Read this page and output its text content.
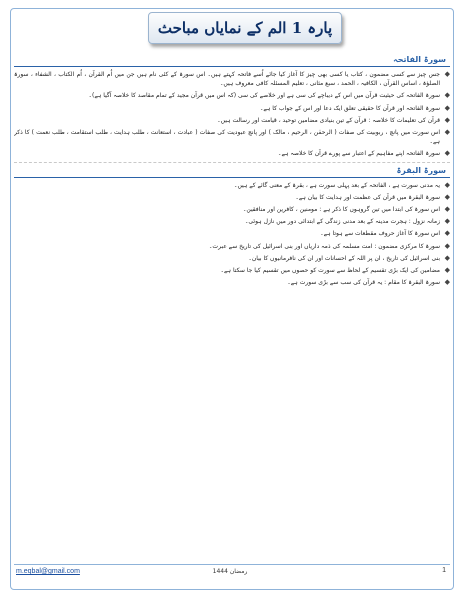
پارہ 1 الم کے نمایاں مباحث
سورۃ الفاتحہ
◆
جس چیز سے کسی مضمون ، کتاب یا کسی بھی چیز کا آغاز کیا جائے اُسے فاتحہ کہتے ہیں۔ اس سورۃ کے کئی نام ہیں جن میں اُم القرآن ، اُم الکتاب ، الشفاء ، سورۃ الصلوٰۃ ، اساس القرآن ، الکافیہ ، الحمد ، سبع مثانی ، تعلیم المسئلہ کافی معروف ہیں۔
◆
سورۃ الفاتحہ کی حیثیت قرآن میں اس کے دیباچے کی سی ہے اور خلاصے کی سی (کہ اس میں قرآن مجید کے تمام مقاصد کا خلاصہ آگیا ہے)۔
◆
سورۃ الفاتحہ اور قرآن کا حقیقی تعلق ایک دعا اور اس کے جواب کا ہے۔
◆
قرآن کی تعلیمات کا خلاصہ : قرآن کے تین بنیادی مضامین توحید ، قیامت اور رسالت ہیں۔
◆
اس سورت میں پانچ ، ربوبیت کی صفات ( الرحمٰن ، الرحیم ، مالک ) اور پانچ عبودیت کی صفات ( عبادت ، استعانت ، طلب ہدایت ، طلب استقامت ، طلب نعمت ) کا ذکر ہے۔
◆
سورۃ الفاتحہ اپنے مفاہیم کے اعتبار سے پورے قرآن کا خلاصہ ہے۔
سورۃ البقرۃ
◆
یہ مدنی سورت ہے ، الفاتحہ کے بعد پہلی سورت ہے ، بقرۃ کے معنی گائے کے ہیں۔
◆
سورۃ البقرۃ میں قرآن کی عظمت اور ہدایت کا بیان ہے۔
◆
اس سورۃ کی ابتدا میں تین گروہوں کا ذکر ہے : مومنین ، کافرین اور منافقین۔
◆
زمانہ نزول : ہجرت مدینہ کے بعد مدنی زندگی کے ابتدائی دور میں نازل ہوئی۔
◆
اس سورۃ کا آغاز حروف مقطعات سے ہوتا ہے۔
◆
سورۃ کا مرکزی مضمون : امت مسلمہ کی ذمہ داریاں اور بنی اسرائیل کی تاریخ سے عبرت۔
◆
بنی اسرائیل کی تاریخ ، ان پر اللہ کے احسانات اور ان کی نافرمانیوں کا بیان۔
◆
مضامین کی ایک بڑی تقسیم کے لحاظ سے سورت کو حصوں میں تقسیم کیا جا سکتا ہے۔
◆
سورۃ البقرۃ کا مقام : یہ قرآن کی سب سے بڑی سورت ہے۔
m.eqbal@gmail.com	رمضان 1444	1
